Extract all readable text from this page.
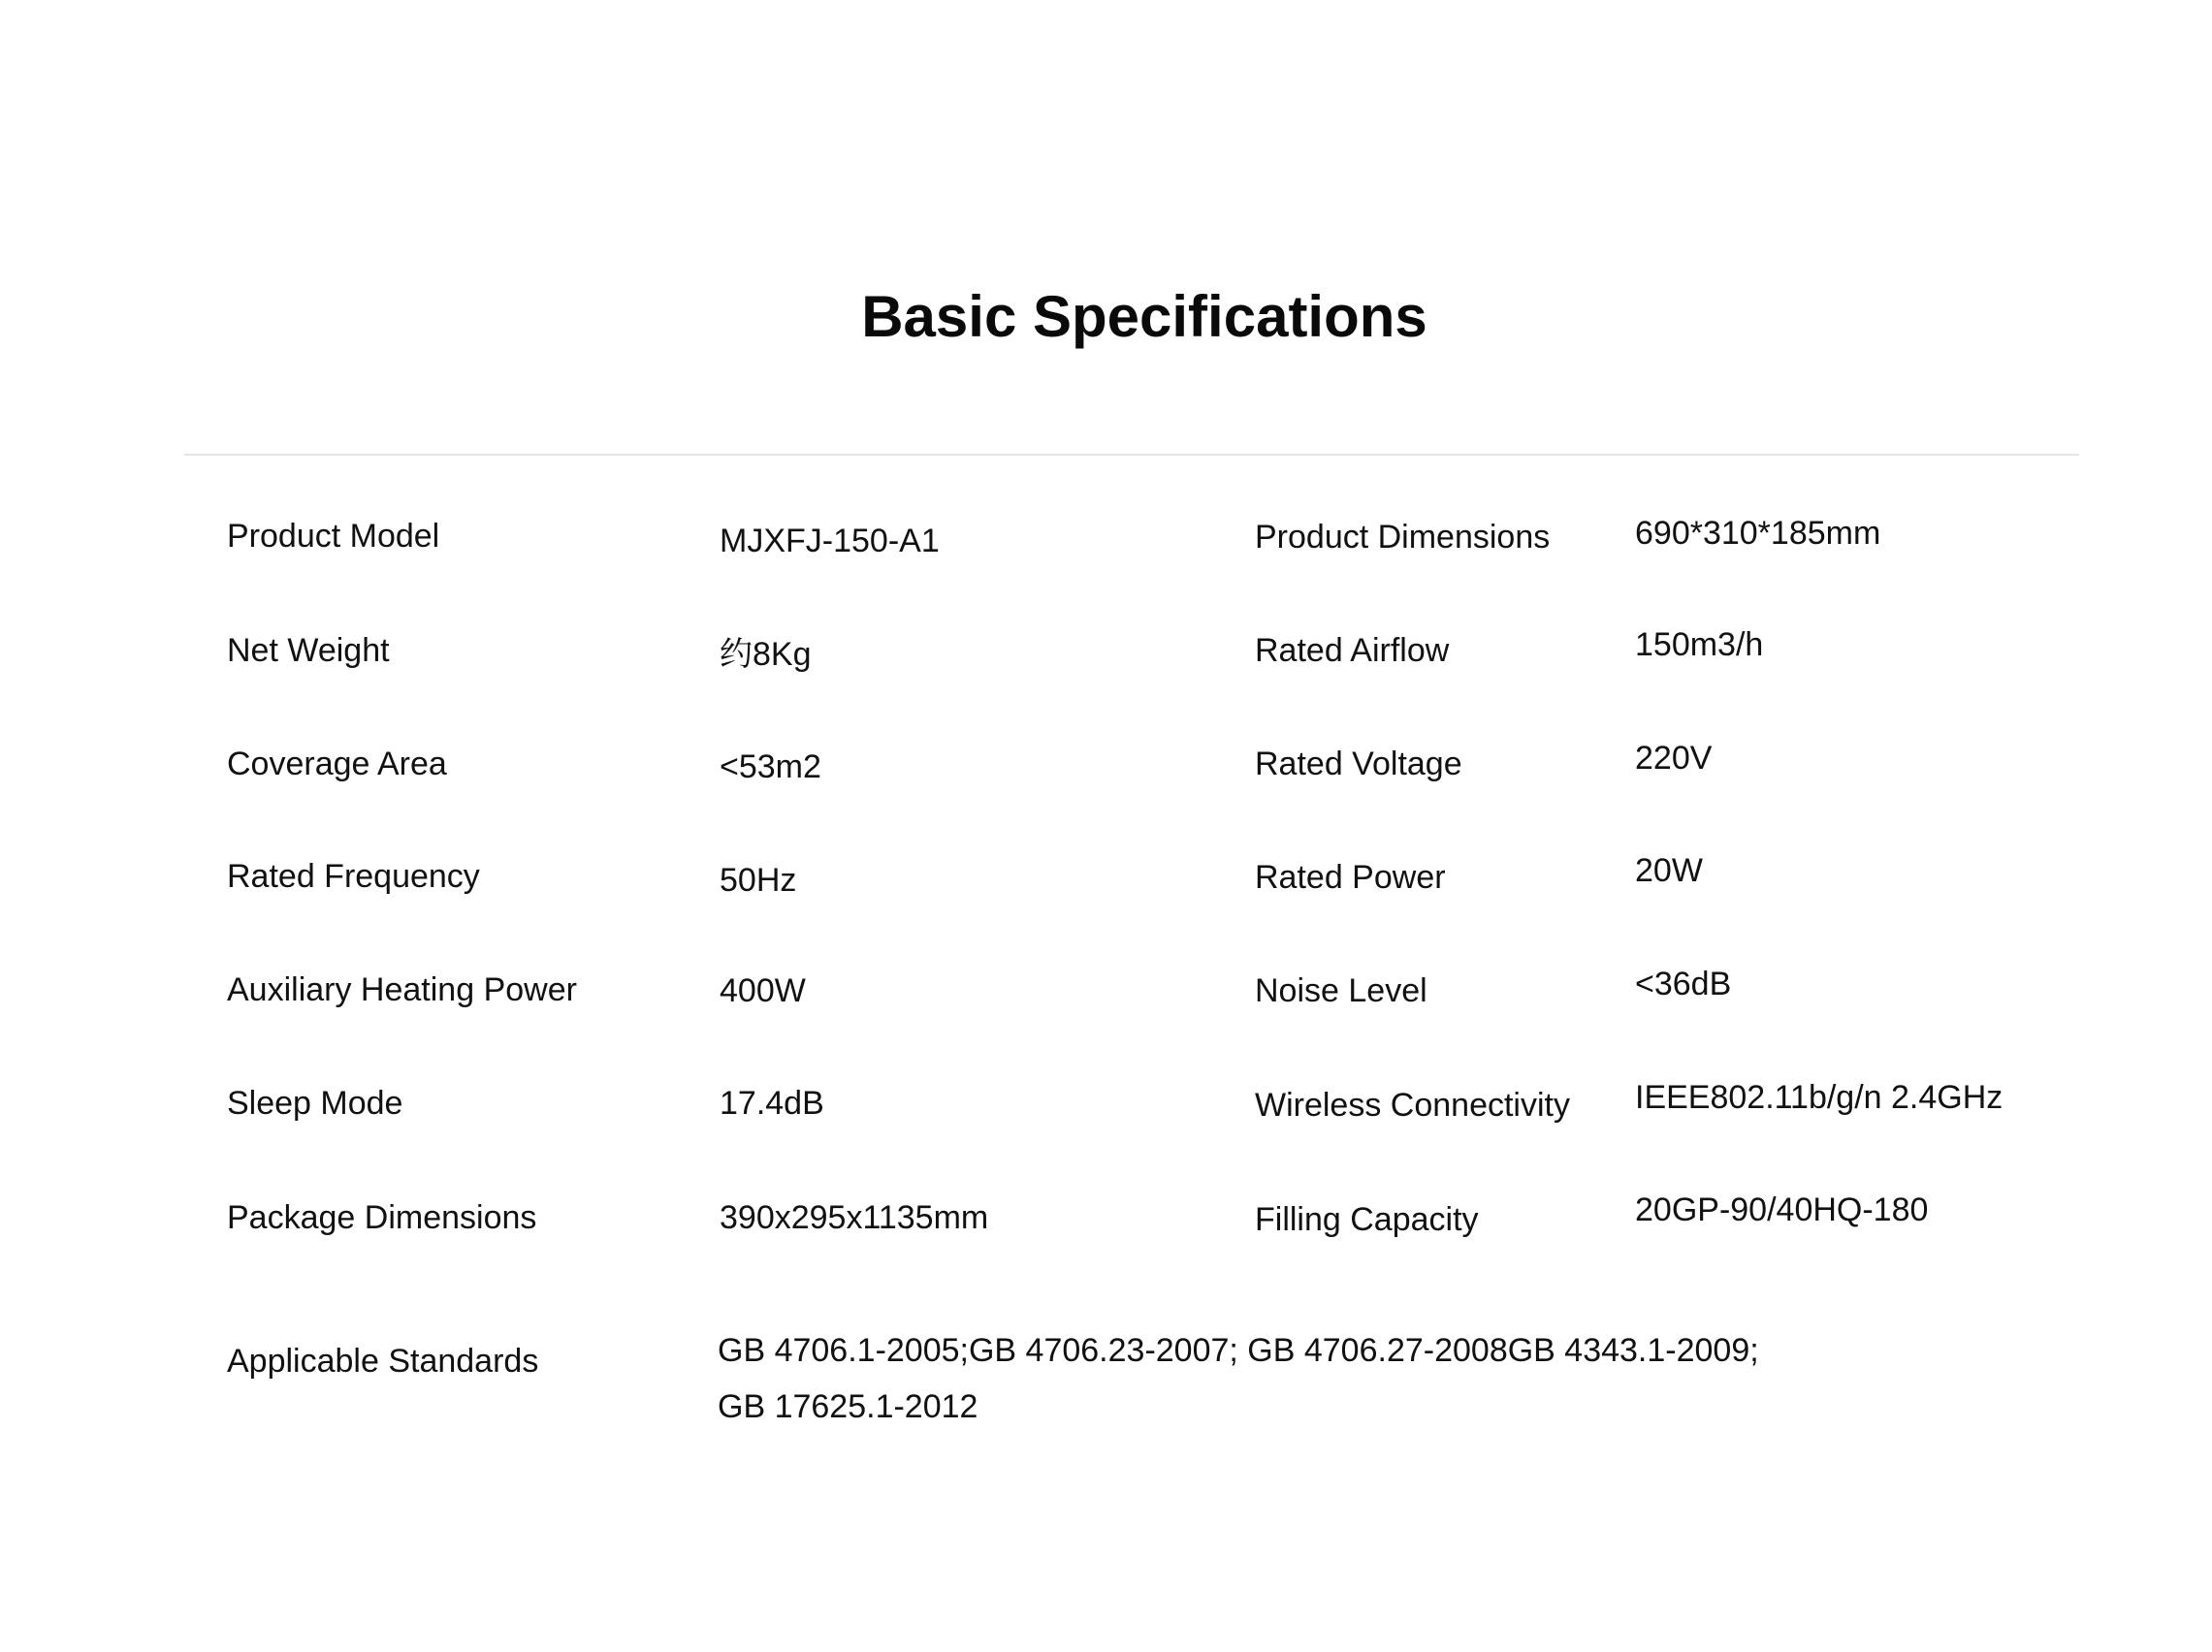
Basic Specifications
Product Model	MJXFJ-150-A1	Product Dimensions	690*310*185mm
Net Weight	约8Kg	Rated Airflow	150m3/h
Coverage Area	<53m2	Rated Voltage	220V
Rated Frequency	50Hz	Rated Power	20W
Auxiliary Heating Power	400W	Noise Level	<36dB
Sleep Mode	17.4dB	Wireless Connectivity IEEE802.11b/g/n 2.4GHz
Package Dimensions	390x295x1135mm	Filling Capacity	20GP-90/40HQ-180
Applicable Standards	GB 4706.1-2005;GB 4706.23-2007; GB 4706.27-2008GB 4343.1-2009;
GB 17625.1-2012
